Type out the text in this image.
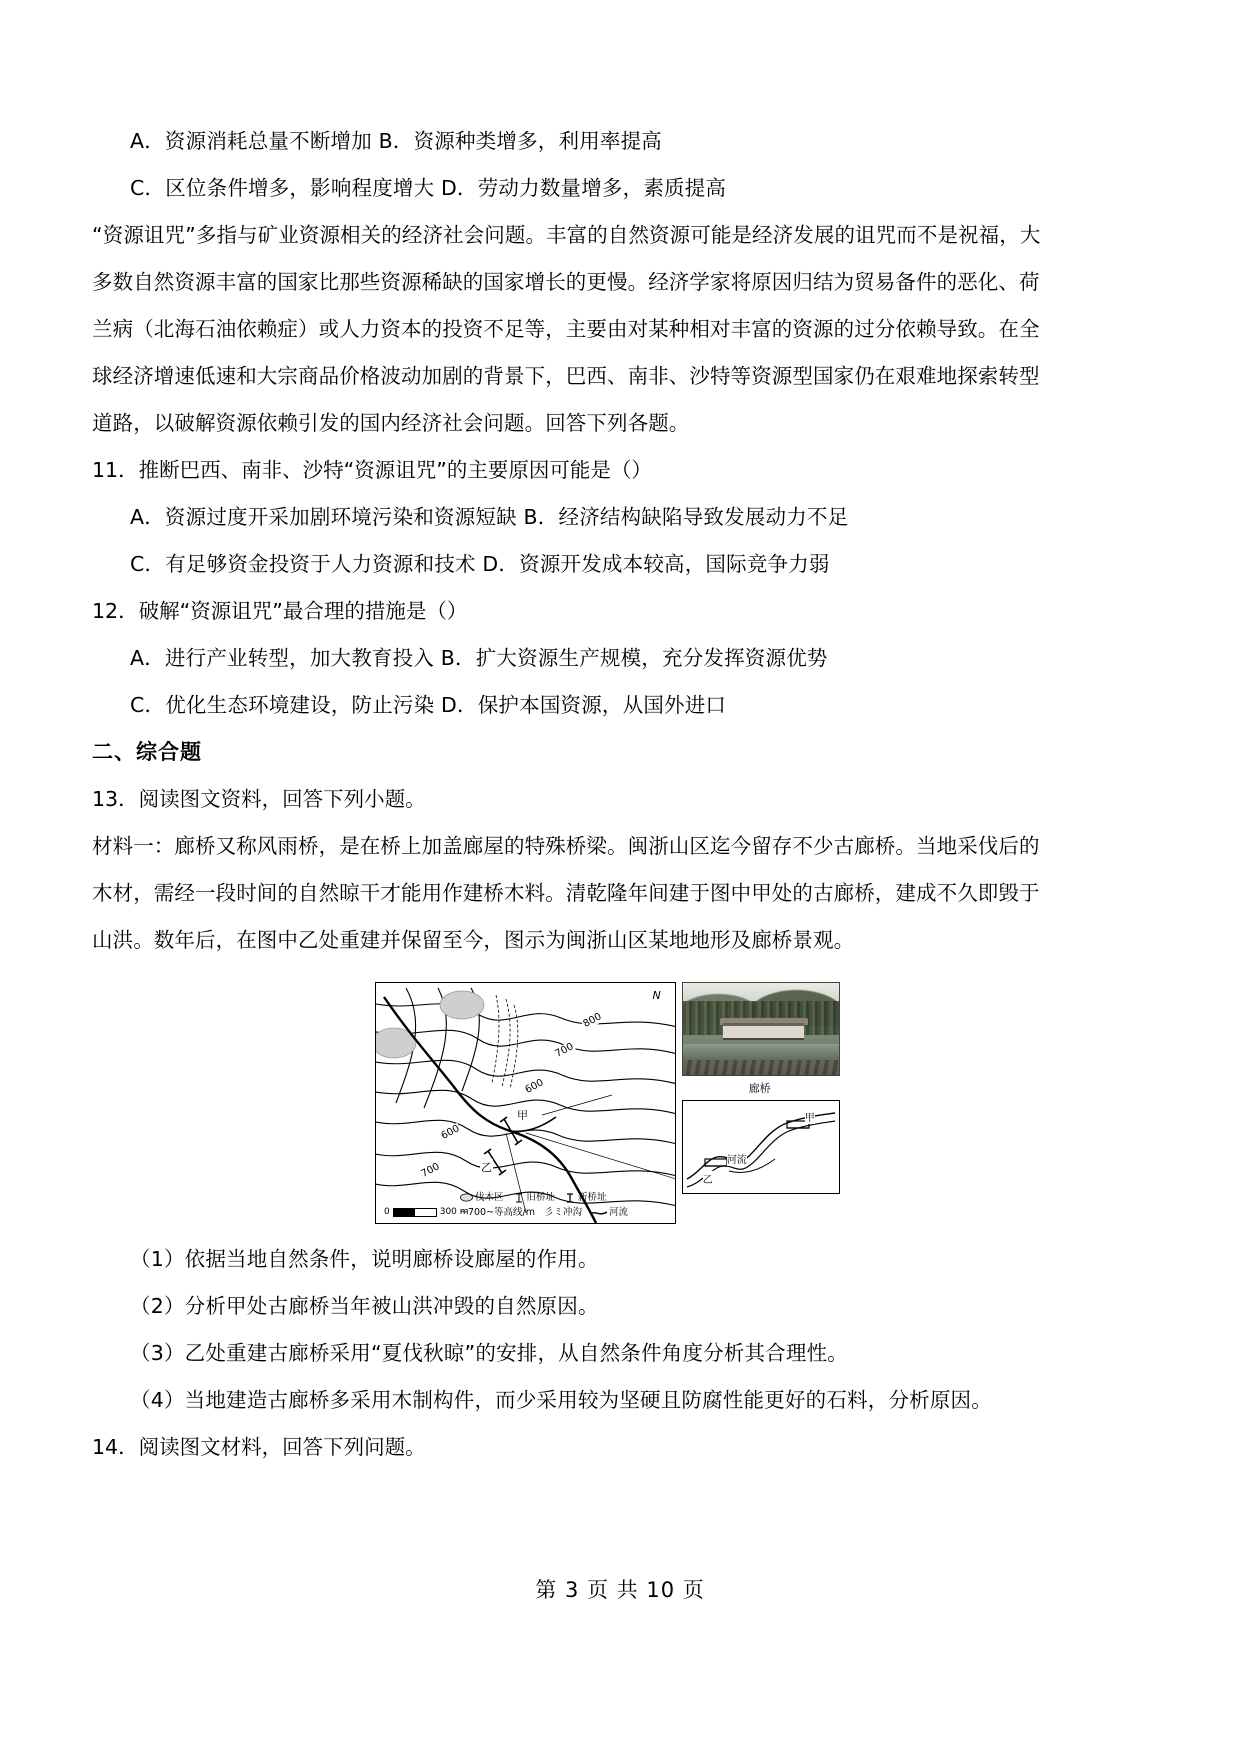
A．资源消耗总量不断增加 B．资源种类增多，利用率提高
C．区位条件增多，影响程度增大 D．劳动力数量增多，素质提高
“资源诅咒”多指与矿业资源相关的经济社会问题。丰富的自然资源可能是经济发展的诅咒而不是祝福，大
多数自然资源丰富的国家比那些资源稀缺的国家增长的更慢。经济学家将原因归结为贸易备件的恶化、荷
兰病（北海石油依赖症）或人力资本的投资不足等，主要由对某种相对丰富的资源的过分依赖导致。在全
球经济增速低速和大宗商品价格波动加剧的背景下，巴西、南非、沙特等资源型国家仍在艰难地探索转型
道路，以破解资源依赖引发的国内经济社会问题。回答下列各题。
11．推断巴西、南非、沙特“资源诅咒”的主要原因可能是（）
A．资源过度开采加剧环境污染和资源短缺 B．经济结构缺陷导致发展动力不足
C．有足够资金投资于人力资源和技术 D．资源开发成本较高，国际竞争力弱
12．破解“资源诅咒”最合理的措施是（）
A．进行产业转型，加大教育投入 B．扩大资源生产规模，充分发挥资源优势
C．优化生态环境建设，防止污染 D．保护本国资源，从国外进口
二、综合题
13．阅读图文资料，回答下列小题。
材料一：廊桥又称风雨桥，是在桥上加盖廊屋的特殊桥梁。闽浙山区迄今留存不少古廊桥。当地采伐后的
木材，需经一段时间的自然晾干才能用作建桥木料。清乾隆年间建于图中甲处的古廊桥，建成不久即毁于
山洪。数年后，在图中乙处重建并保留至今，图示为闽浙山区某地地形及廊桥景观。
N
800
700
600
600
700
甲
乙
0	300 m
伐木区 旧桥址 新桥址
~700~等高线/m 彡ミ冲沟	河流
廊桥
甲
乙
河流
（1）依据当地自然条件，说明廊桥设廊屋的作用。
（2）分析甲处古廊桥当年被山洪冲毁的自然原因。
（3）乙处重建古廊桥采用“夏伐秋晾”的安排，从自然条件角度分析其合理性。
（4）当地建造古廊桥多采用木制构件，而少采用较为坚硬且防腐性能更好的石料，分析原因。
14．阅读图文材料，回答下列问题。
第 3 页 共 10 页
